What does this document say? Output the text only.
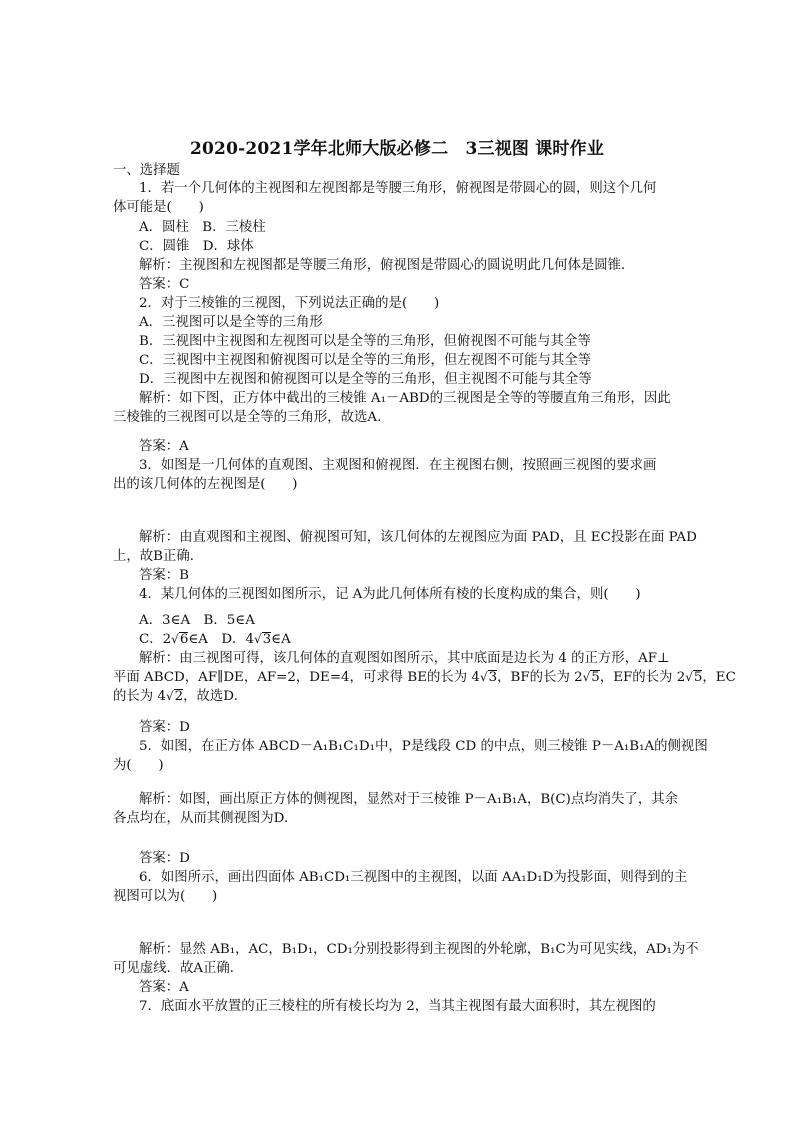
2020-2021学年北师大版必修二　3三视图 课时作业
一、选择题
1．若一个几何体的主视图和左视图都是等腰三角形，俯视图是带圆心的圆，则这个几何
体可能是(　　)
A．圆柱　B．三棱柱
C．圆锥　D．球体
解析：主视图和左视图都是等腰三角形，俯视图是带圆心的圆说明此几何体是圆锥．
答案：C
2．对于三棱锥的三视图，下列说法正确的是(　　)
A．三视图可以是全等的三角形
B．三视图中主视图和左视图可以是全等的三角形，但俯视图不可能与其全等
C．三视图中主视图和俯视图可以是全等的三角形，但左视图不可能与其全等
D．三视图中左视图和俯视图可以是全等的三角形，但主视图不可能与其全等
解析：如下图，正方体中截出的三棱锥 A₁－ABD的三视图是全等的等腰直角三角形，因此
三棱锥的三视图可以是全等的三角形，故选A.
答案：A
3．如图是一几何体的直观图、主观图和俯视图．在主视图右侧，按照画三视图的要求画
出的该几何体的左视图是(　　)
解析：由直观图和主视图、俯视图可知，该几何体的左视图应为面 PAD，且 EC投影在面 PAD
上，故B正确．
答案：B
4．某几何体的三视图如图所示，记 A为此几何体所有棱的长度构成的集合，则(　　)
A．3∈A　B．5∈A
C．2√6∈A　D．4√3∈A
解析：由三视图可得，该几何体的直观图如图所示，其中底面是边长为 4 的正方形，AF⊥
平面 ABCD，AF∥DE，AF=2，DE=4，可求得 BE的长为 4√3，BF的长为 2√5，EF的长为 2√5，EC
的长为 4√2，故选D.
答案：D
5．如图，在正方体 ABCD－A₁B₁C₁D₁中，P是线段 CD 的中点，则三棱锥 P－A₁B₁A的侧视图
为(　　)
解析：如图，画出原正方体的侧视图，显然对于三棱锥 P－A₁B₁A，B(C)点均消失了，其余
各点均在，从而其侧视图为D.
答案：D
6．如图所示，画出四面体 AB₁CD₁三视图中的主视图，以面 AA₁D₁D为投影面，则得到的主
视图可以为(　　)
解析：显然 AB₁，AC，B₁D₁，CD₁分别投影得到主视图的外轮廓，B₁C为可见实线，AD₁为不
可见虚线．故A正确．
答案：A
7．底面水平放置的正三棱柱的所有棱长均为 2，当其主视图有最大面积时，其左视图的
